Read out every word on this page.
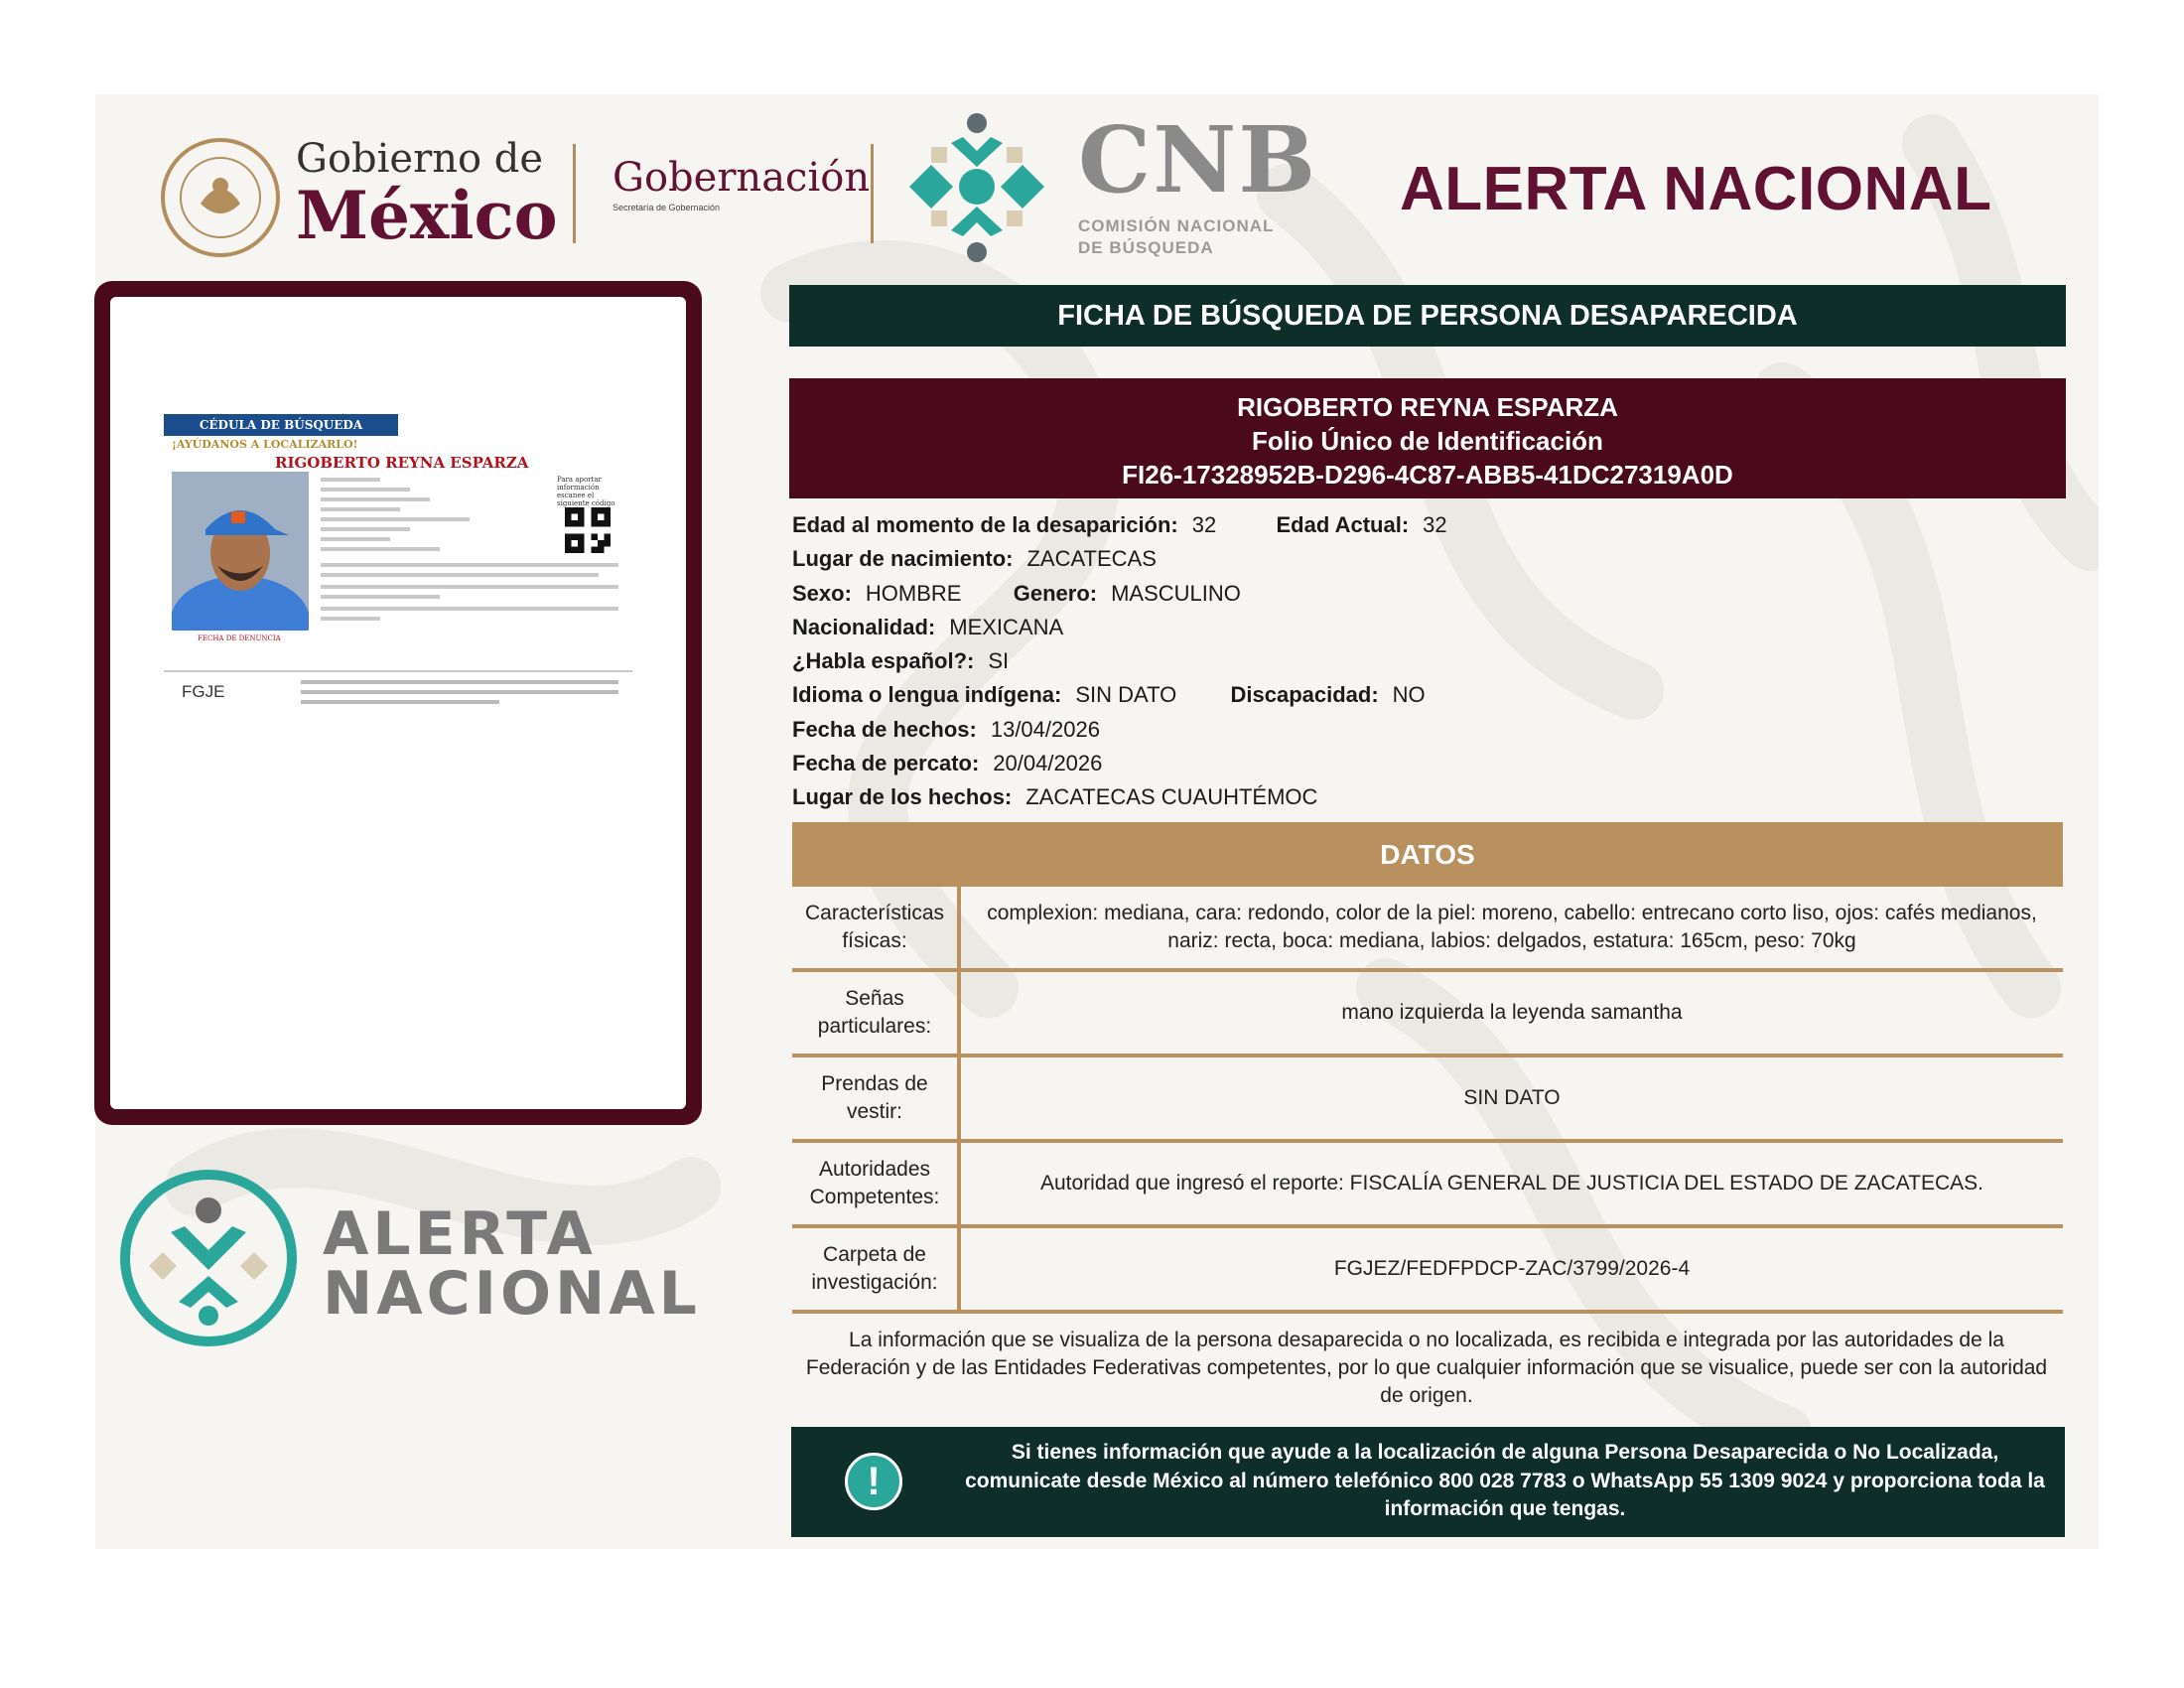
Gobierno de
México Gobernación
Secretaría de Gobernación	CNB
COMISIÓN NACIONAL
DE BÚSQUEDA
ALERTA NACIONAL
CÉDULA DE BÚSQUEDA
¡AYÚDANOS A LOCALIZARLO!
RIGOBERTO REYNA ESPARZA
Para aportar información escanee el siguiente código
FECHA DE DENUNCIA
FGJE
ALERTA
NACIONAL
FICHA DE BÚSQUEDA DE PERSONA DESAPARECIDA
RIGOBERTO REYNA ESPARZA
Folio Único de Identificación
FI26-17328952B-D296-4C87-ABB5-41DC27319A0D
Edad al momento de la desaparición: 32	Edad Actual: 32
Lugar de nacimiento: ZACATECAS
Sexo: HOMBRE Genero: MASCULINO
Nacionalidad: MEXICANA
¿Habla español?: SI
Idioma o lengua indígena: SIN DATO Discapacidad: NO
Fecha de hechos: 13/04/2026
Fecha de percato: 20/04/2026
Lugar de los hechos: ZACATECAS CUAUHTÉMOC
DATOS
Características físicas:
complexion: mediana, cara: redondo, color de la piel: moreno, cabello: entrecano corto liso, ojos: cafés medianos, nariz: recta, boca: mediana, labios: delgados, estatura: 165cm, peso: 70kg
Señas particulares:
mano izquierda la leyenda samantha
Prendas de vestir:
SIN DATO
Autoridades Competentes:
Autoridad que ingresó el reporte: FISCALÍA GENERAL DE JUSTICIA DEL ESTADO DE ZACATECAS.
Carpeta de investigación:
FGJEZ/FEDFPDCP-ZAC/3799/2026-4
La información que se visualiza de la persona desaparecida o no localizada, es recibida e integrada por las autoridades de la Federación y de las Entidades Federativas competentes, por lo que cualquier información que se visualice, puede ser con la autoridad de origen.
!
Si tienes información que ayude a la localización de alguna Persona Desaparecida o No Localizada, comunicate desde México al número telefónico 800 028 7783 o WhatsApp 55 1309 9024 y proporciona toda la información que tengas.
